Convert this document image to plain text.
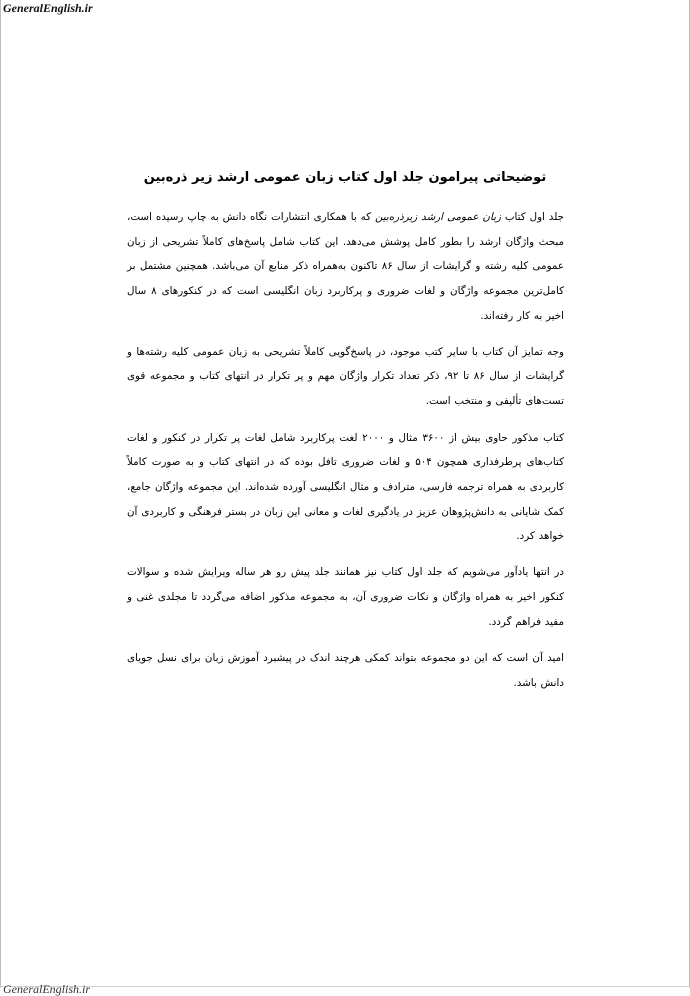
GeneralEnglish.ir
توضیحاتی پیرامون جلد اول کتاب زبان عمومی ارشد زیر ذره‌بین

جلد اول کتاب زبان عمومی ارشد زیرذره‌بین که با همکاری انتشارات نگاه دانش به چاپ رسیده است، مبحث واژگان ارشد را بطور کامل پوشش می‌دهد. این کتاب شامل پاسخ‌های کاملاً تشریحی از زبان عمومی کلیه رشته و گرایشات از سال ۸۶ تاکنون به‌همراه ذکر منابع آن می‌باشد. همچنین مشتمل بر کامل‌ترین مجموعه واژگان و لغات ضروری و پرکاربرد زبان انگلیسی است که در کنکورهای ۸ سال اخیر به کار رفته‌اند.

وجه تمایز آن کتاب با سایر کتب موجود، در پاسخ‌گویی کاملاً تشریحی به زبان عمومی کلیه رشته‌ها و گرایشات از سال ۸۶ تا ۹۲، ذکر تعداد تکرار واژگان مهم و پر تکرار در انتهای کتاب و مجموعه قوی تست‌های تألیفی و منتخب است.

کتاب مذکور حاوی بیش از ۳۶۰۰ مثال و ۲۰۰۰ لغت پرکاربرد شامل لغات پر تکرار در کنکور و لغات کتاب‌های پرطرفداری همچون ۵۰۴ و لغات ضروری تافل بوده که در انتهای کتاب و به صورت کاملاً کاربردی به همراه ترجمه فارسی، مترادف و مثال انگلیسی آورده شده‌اند. این مجموعه واژگان جامع، کمک شایانی به دانش‌پژوهان عزیز در یادگیری لغات و معانی این زبان در بستر فرهنگی و کاربردی آن خواهد کرد.

در انتها یادآور می‌شویم که جلد اول کتاب نیز همانند جلد پیش رو هر ساله ویرایش شده و سوالات کنکور اخیر به همراه واژگان و نکات ضروری آن، به مجموعه مذکور اضافه می‌گردد تا مجلدی غنی و مفید فراهم گردد.

امید آن است که این دو مجموعه بتواند کمکی هرچند اندک در پیشبرد آموزش زبان برای نسل جویای دانش باشد.

GeneralEnglish.ir
